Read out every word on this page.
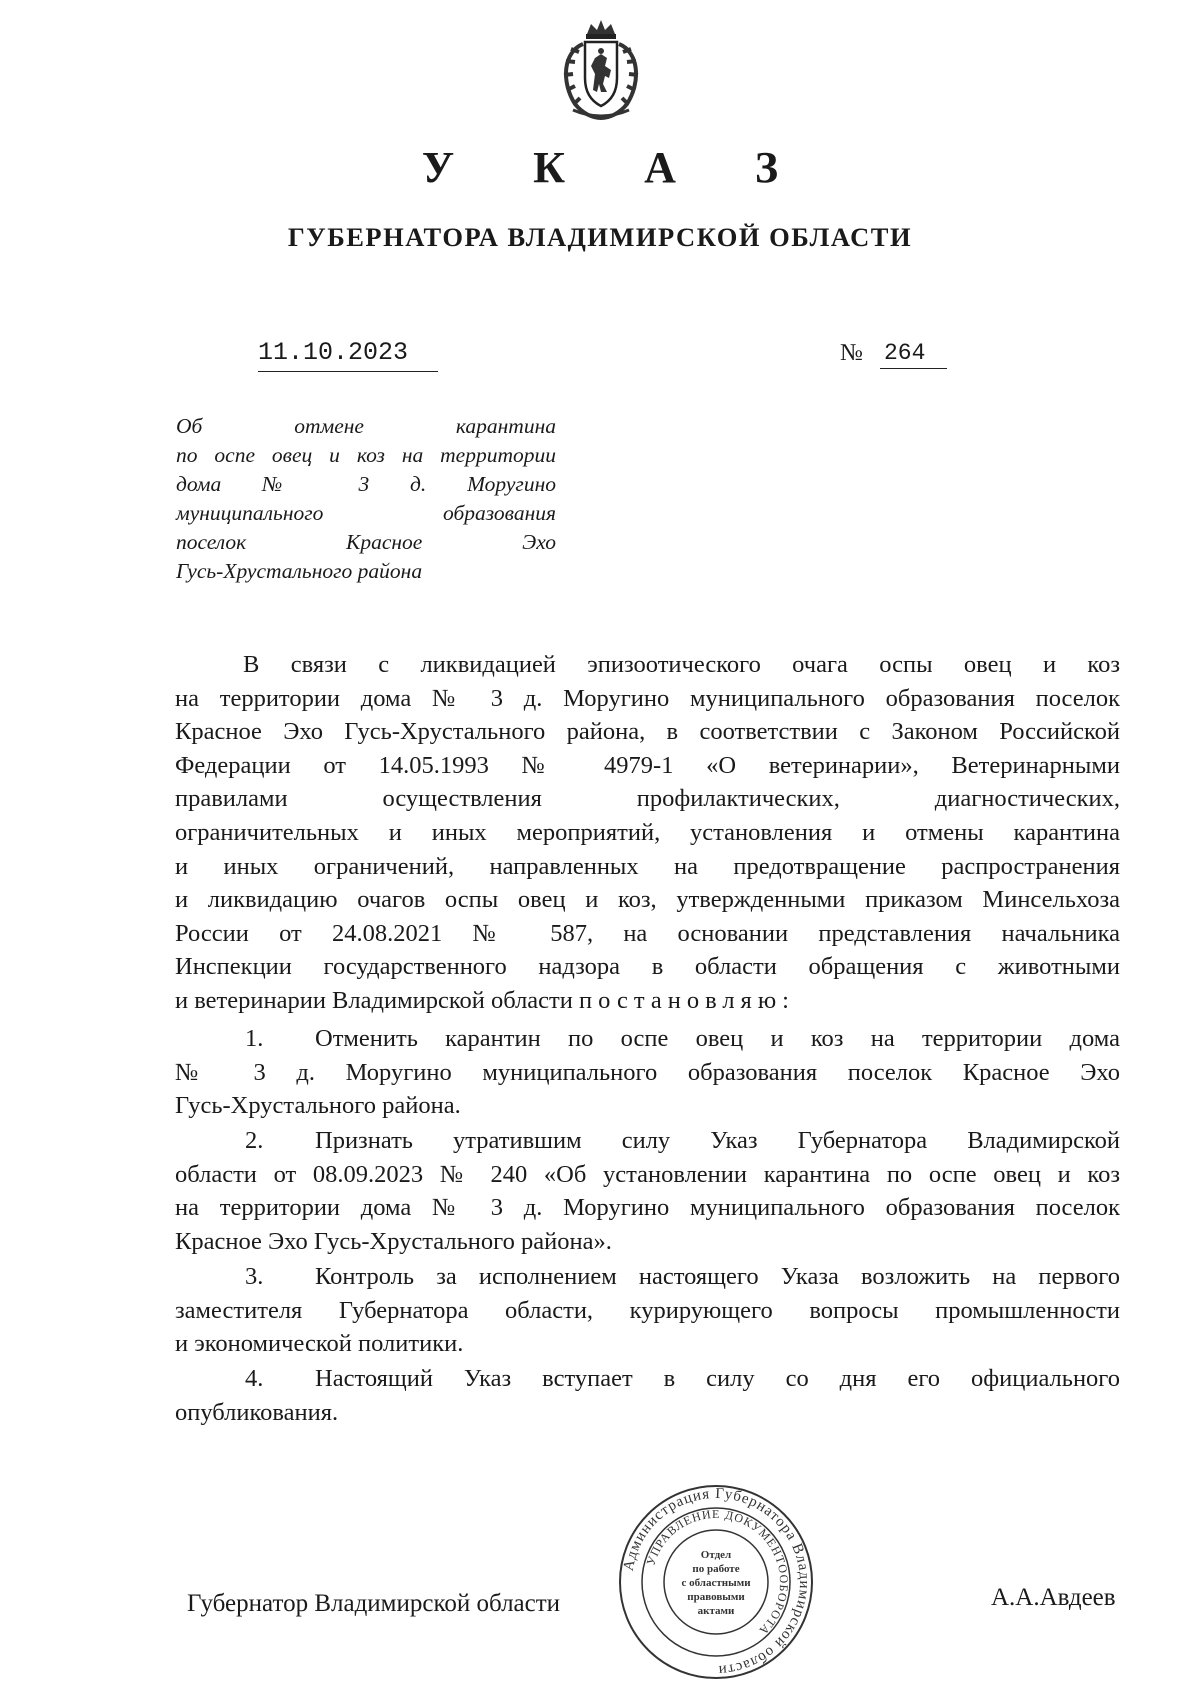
У К А З
ГУБЕРНАТОРА ВЛАДИМИРСКОЙ ОБЛАСТИ
11.10.2023	№ 264
Об отмене карантина
по оспе овец и коз на территории
дома № 3 д. Моругино
муниципального образования
поселок Красное Эхо
Гусь-Хрустального района
В связи с ликвидацией эпизоотического очага оспы овец и коз
на территории дома № 3 д. Моругино муниципального образования поселок
Красное Эхо Гусь-Хрустального района, в соответствии с Законом Российской
Федерации от 14.05.1993 № 4979-1 «О ветеринарии», Ветеринарными
правилами осуществления профилактических, диагностических,
ограничительных и иных мероприятий, установления и отмены карантина
и иных ограничений, направленных на предотвращение распространения
и ликвидацию очагов оспы овец и коз, утвержденными приказом Минсельхоза
России от 24.08.2021 № 587, на основании представления начальника
Инспекции государственного надзора в области обращения с животными
и ветеринарии Владимирской области постановляю:
1. Отменить карантин по оспе овец и коз на территории дома
№ 3 д. Моругино муниципального образования поселок Красное Эхо
Гусь-Хрустального района.
2. Признать утратившим силу Указ Губернатора Владимирской
области от 08.09.2023 № 240 «Об установлении карантина по оспе овец и коз
на территории дома № 3 д. Моругино муниципального образования поселок
Красное Эхо Гусь-Хрустального района».
3. Контроль за исполнением настоящего Указа возложить на первого
заместителя Губернатора области, курирующего вопросы промышленности
и экономической политики.
4. Настоящий Указ вступает в силу со дня его официального
опубликования.
Губернатор Владимирской области	А.А.Авдеев
Администрация Губернатора Владимирской области
УПРАВЛЕНИЕ ДОКУМЕНТООБОРОТА
Отдел
по работе
с областными
правовыми
актами
